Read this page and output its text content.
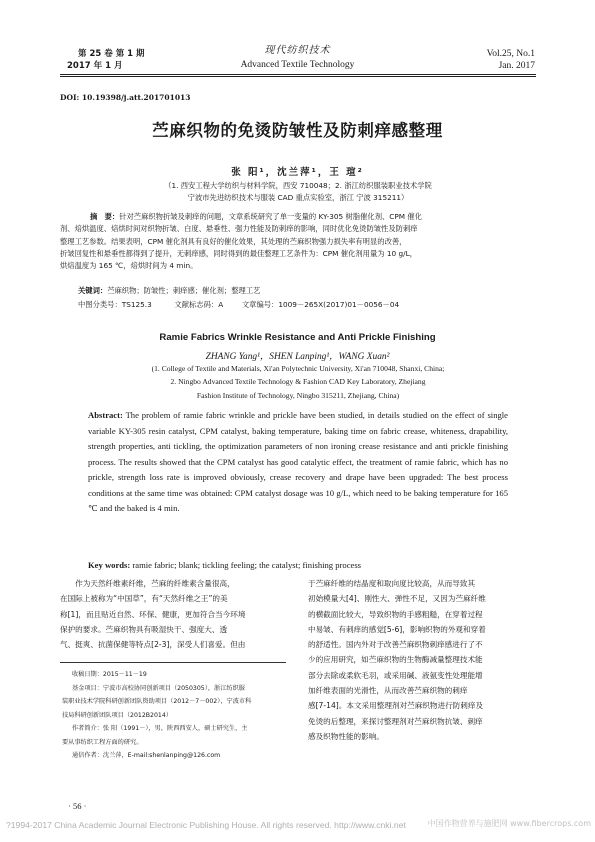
第 25 卷 第 1 期
2017 年 1 月
现代纺织技术
Advanced Textile Technology
Vol.25, No.1
Jan. 2017
DOI: 10.19398/j.att.201701013
苎麻织物的免烫防皱性及防刺痒感整理
张 阳¹，沈兰萍¹，王 瑄²
（1. 西安工程大学纺织与材料学院，西安 710048；2. 浙江纺织服装职业技术学院
宁波市先进纺织技术与服装 CAD 重点实验室，浙江 宁波 315211）
摘　要：针对苎麻织物折皱及刺痒的问题，文章系统研究了单一变量的 KY-305 树脂催化剂、CPM 催化
剂、焙烘温度、焙烘时间对织物折皱、白度、悬垂性、强力性能及防刺痒的影响，同时优化免烫防皱性及防刺痒
整理工艺参数。结果表明，CPM 催化剂具有良好的催化效果，其处理的苎麻织物强力损失率有明显的改善，
折皱回复性和悬垂性都得到了提升，无刺痒感，同时得到的最佳整理工艺条件为：CPM 催化剂用量为 10 g/L，
烘焙温度为 165 ℃，焙烘时间为 4 min。
关键词：苎麻织物；防皱性；刺痒感；催化剂；整理工艺
中图分类号：TS125.3	文献标志码：A	文章编号：1009－265X(2017)01－0056－04
Ramie Fabrics Wrinkle Resistance and Anti Prickle Finishing
ZHANG Yang¹，SHEN Lanping¹，WANG Xuan²
(1. College of Textile and Materials, Xi'an Polytechnic University, Xi'an 710048, Shanxi, China;
2. Ningbo Advanced Textile Technology & Fashion CAD Key Laboratory, Zhejiang
Fashion Institute of Technology, Ningbo 315211, Zhejiang, China)
Abstract: The problem of ramie fabric wrinkle and prickle have been studied, in details studied on the effect of single variable KY-305 resin catalyst, CPM catalyst, baking temperature, baking time on fabric crease, whiteness, drapability, strength properties, anti tickling, the optimization parameters of non ironing crease resistance and anti prickle finishing process. The results showed that the CPM catalyst has good catalytic effect, the treatment of ramie fabric, which has no prickle, strength loss rate is improved obviously, crease recovery and drape have been upgraded: The best process conditions at the same time was obtained: CPM catalyst dosage was 10 g/L, which need to be baking temperature for 165 ℃ and the baked is 4 min.
Key words: ramie fabric; blank; tickling feeling; the catalyst; finishing process
　　作为天然纤维素纤维，苎麻的纤维素含量很高，
在国际上被称为“中国草”，有“天然纤维之王”的美
称[1]，而且贴近自然、环保、健康，更加符合当今环境
保护的要求。苎麻织物具有吸湿快干、强度大、透
气、挺爽、抗菌保健等特点[2-3]，深受人们喜爱。但由
收稿日期：2015－11－19
基金项目：宁波市高校协同创新项目（2050305），浙江纺织服
装职业技术学院科研创新团队资助项目（2012－7－002），宁波市科
技局科研创新团队项目（2012B2014）
作者简介：张 阳（1991－），男，陕西西安人，硕士研究生，主
要从事纺织工程方面的研究。
通信作者：沈兰萍，E-mail:shenlanping@126.com
于苎麻纤维的结晶度和取向度比较高，从而导致其
初始模量大[4]、刚性大、弹性不足，又因为苎麻纤维
的横截面比较大，导致织物的手感粗糙，在穿着过程
中易皱、有刺痒的感觉[5-6]，影响织物的外观和穿着
的舒适性。国内外对于改善苎麻织物刺痒感进行了不
少的应用研究，如苎麻织物的生物酶减量整理技术能
部分去除或柔软毛羽，或采用碱、液氨变性处理能增
加纤维表面的光滑性，从而改善苎麻织物的刺痒
感[7-14]。本文采用整理剂对苎麻织物进行防刺痒及
免烫的后整理，来探讨整理剂对苎麻织物抗皱、刺痒
感及织物性能的影响。
· 56 ·
?1994-2017 China Academic Journal Electronic Publishing House. All rights reserved. http://www.cnki.net	中国作物营养与施肥网 www.fibercrops.com
